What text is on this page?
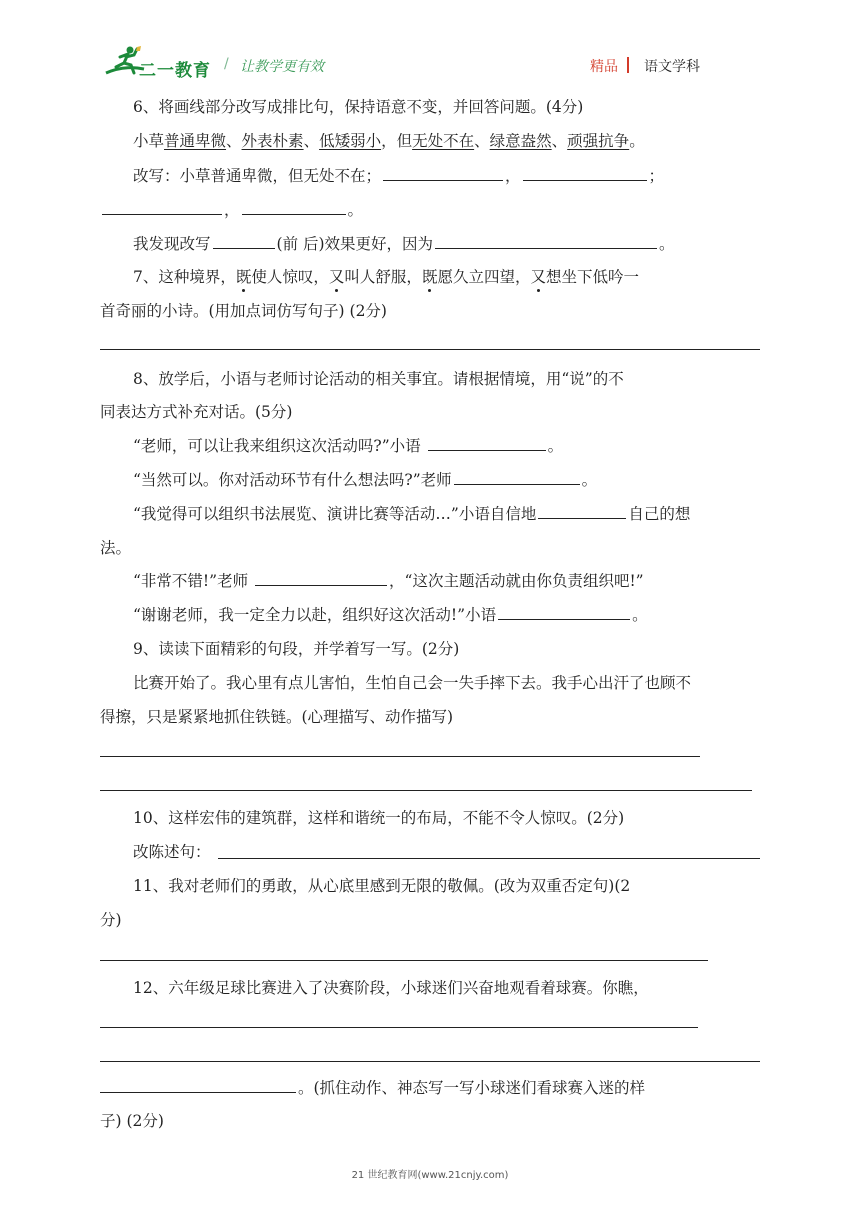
二一教育 / 让教学更有效	精品 语文学科
6、将画线部分改写成排比句，保持语意不变，并回答问题。(4分)
小草普通卑微、外表朴素、低矮弱小，但无处不在、绿意盎然、顽强抗争。
改写：小草普通卑微，但无处不在；	，	；
，	。
我发现改写	(前 后)效果更好，因为	。
7、这种境界，既使人惊叹，又叫人舒服，既愿久立四望，又想坐下低吟一
首奇丽的小诗。(用加点词仿写句子) (2分)
8、放学后，小语与老师讨论活动的相关事宜。请根据情境，用“说”的不
同表达方式补充对话。(5分)
“老师，可以让我来组织这次活动吗?”小语	。
“当然可以。你对活动环节有什么想法吗?”老师	。
“我觉得可以组织书法展览、演讲比赛等活动…”小语自信地	自己的想
法。
“非常不错!”老师	，“这次主题活动就由你负责组织吧!”
“谢谢老师，我一定全力以赴，组织好这次活动!”小语	。
9、读读下面精彩的句段，并学着写一写。(2分)
比赛开始了。我心里有点儿害怕，生怕自己会一失手摔下去。我手心出汗了也顾不
得擦，只是紧紧地抓住铁链。(心理描写、动作描写)
10、这样宏伟的建筑群，这样和谐统一的布局，不能不令人惊叹。(2分)
改陈述句：
11、我对老师们的勇敢，从心底里感到无限的敬佩。(改为双重否定句)(2
分)
12、六年级足球比赛进入了决赛阶段，小球迷们兴奋地观看着球赛。你瞧，
。(抓住动作、神态写一写小球迷们看球赛入迷的样
子) (2分)
21 世纪教育网(www.21cnjy.com)
